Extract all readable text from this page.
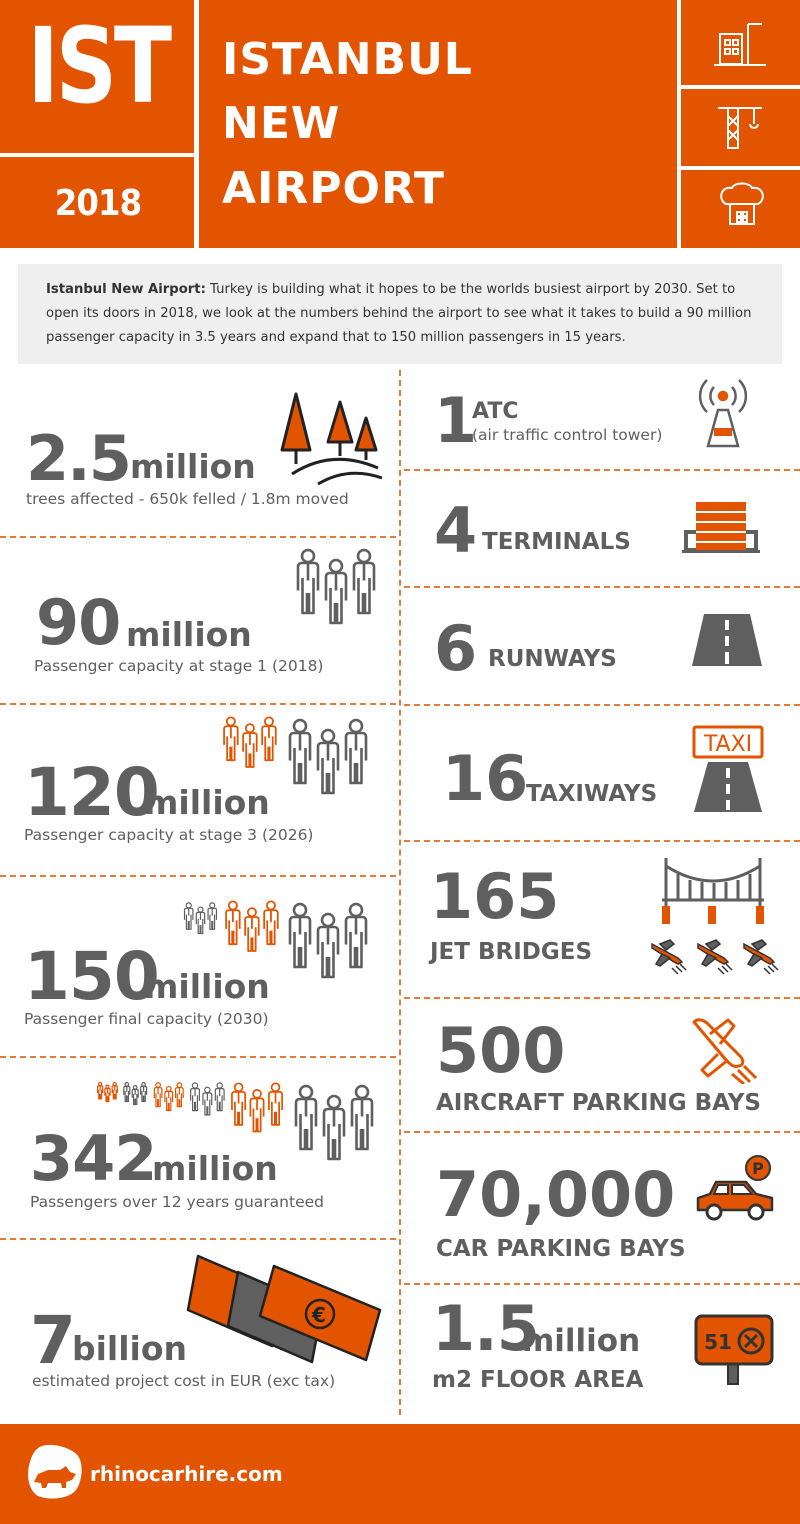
IST
2018
ISTANBUL
NEW
AIRPORT
Istanbul New Airport: Turkey is building what it hopes to be the worlds busiest airport by 2030. Set to open its doors in 2018, we look at the numbers behind the airport to see what it takes to build a 90 million passenger capacity in 3.5 years and expand that to 150 million passengers in 15 years.
2.5 million
trees affected - 650k felled / 1.8m moved
90 million
Passenger capacity at stage 1 (2018)
120
million
Passenger capacity at stage 3 (2026)
150
million
Passenger final capacity (2030)
342
million
Passengers over 12 years guaranteed
7
billion
estimated project cost in EUR (exc tax)
€
1
ATC
(air traffic control tower)
4 TERMINALS
6 RUNWAYS
16
TAXIWAYS
TAXI
165
JET BRIDGES
500
AIRCRAFT PARKING BAYS
70,000
CAR PARKING BAYS
P
1.5
million
m2 FLOOR AREA
51
rhinocarhire.com
